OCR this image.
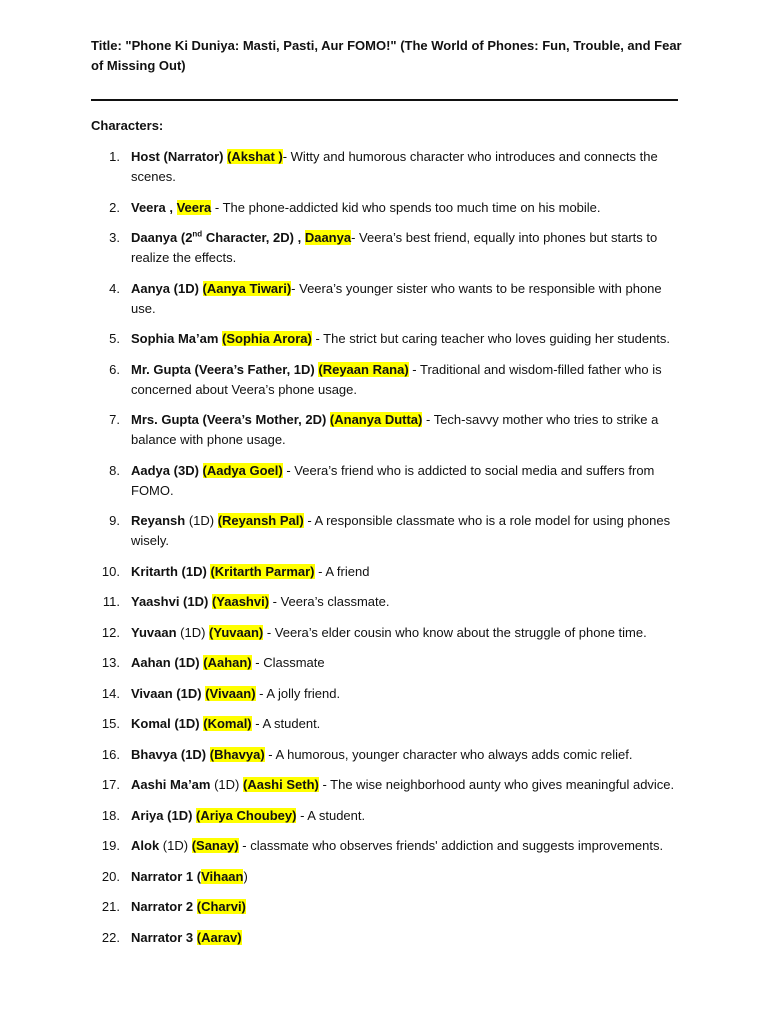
Title: "Phone Ki Duniya: Masti, Pasti, Aur FOMO!" (The World of Phones: Fun, Trouble, and Fear of Missing Out)
Characters:
1. Host (Narrator) (Akshat )- Witty and humorous character who introduces and connects the scenes.
2. Veera , Veera - The phone-addicted kid who spends too much time on his mobile.
3. Daanya (2nd Character, 2D) , Daanya- Veera’s best friend, equally into phones but starts to realize the effects.
4. Aanya (1D) (Aanya Tiwari)- Veera’s younger sister who wants to be responsible with phone use.
5. Sophia Ma’am (Sophia Arora) - The strict but caring teacher who loves guiding her students.
6. Mr. Gupta (Veera’s Father, 1D) (Reyaan Rana) - Traditional and wisdom-filled father who is concerned about Veera’s phone usage.
7. Mrs. Gupta (Veera’s Mother, 2D) (Ananya Dutta) - Tech-savvy mother who tries to strike a balance with phone usage.
8. Aadya (3D) (Aadya Goel) - Veera’s friend who is addicted to social media and suffers from FOMO.
9. Reyansh (1D) (Reyansh Pal) - A responsible classmate who is a role model for using phones wisely.
10. Kritarth (1D) (Kritarth Parmar) - A friend
11. Yaashvi (1D) (Yaashvi) - Veera’s classmate.
12. Yuvaan (1D) (Yuvaan) - Veera’s elder cousin who know about the struggle of phone time.
13. Aahan (1D) (Aahan) - Classmate
14. Vivaan (1D) (Vivaan) - A jolly friend.
15. Komal (1D) (Komal) - A student.
16. Bhavya (1D) (Bhavya) - A humorous, younger character who always adds comic relief.
17. Aashi Ma’am (1D) (Aashi Seth) - The wise neighborhood aunty who gives meaningful advice.
18. Ariya (1D) (Ariya Choubey) - A student.
19. Alok (1D) (Sanay) - classmate who observes friends' addiction and suggests improvements.
20. Narrator 1 (Vihaan)
21. Narrator 2 (Charvi)
22. Narrator 3 (Aarav)
